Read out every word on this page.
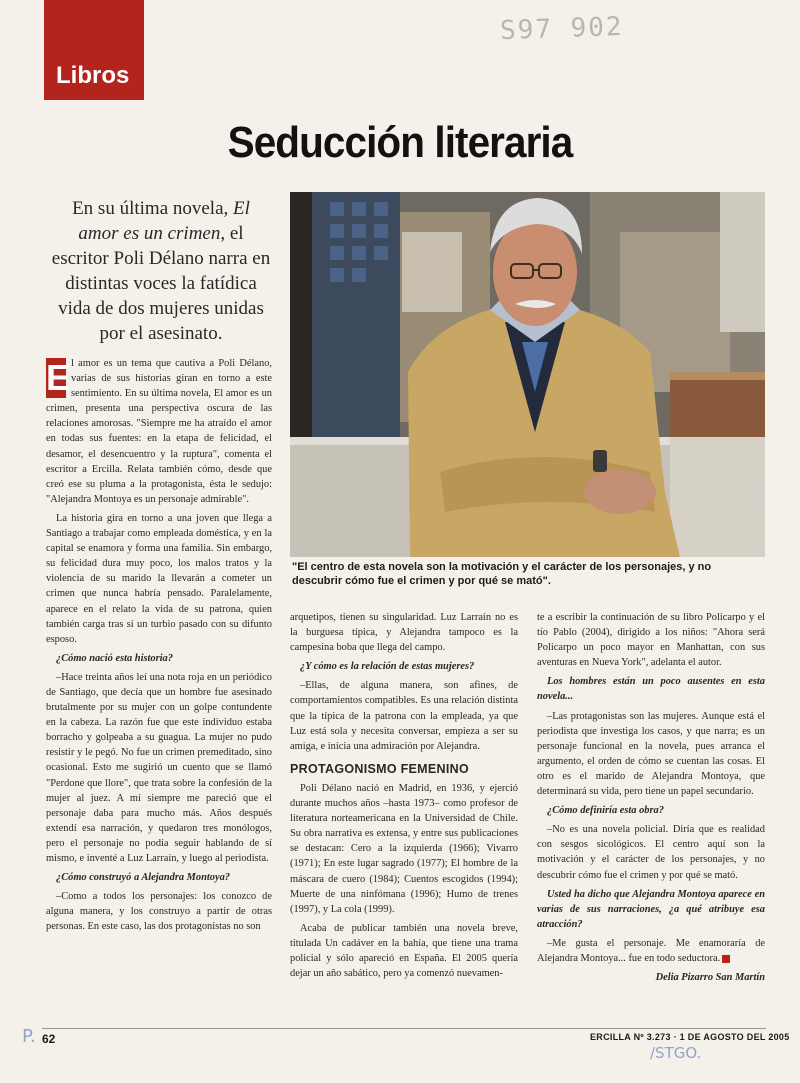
S97 902
Libros
Seducción literaria
En su última novela, El amor es un crimen, el escritor Poli Délano narra en distintas voces la fatídica vida de dos mujeres unidas por el asesinato.
Luis Órdenes
"El centro de esta novela son la motivación y el carácter de los personajes, y no descubrir cómo fue el crimen y por qué se mató".

E l amor es un tema que cautiva a Poli Délano, varias de sus historias giran en torno a este sentimiento. En su última novela, El amor es un crimen, presenta una perspectiva oscura de las relaciones amorosas. "Siempre me ha atraído el amor en todas sus fuentes: en la etapa de felicidad, el desamor, el desencuentro y la ruptura", comenta el escritor a Ercilla. Relata también cómo, desde que creó ese su pluma a la protagonista, ésta le sedujo: "Alejandra Montoya es un personaje admirable".

La historia gira en torno a una joven que llega a Santiago a trabajar como empleada doméstica, y en la capital se enamora y forma una familia. Sin embargo, su felicidad dura muy poco, los malos tratos y la violencia de su marido la llevarán a cometer un crimen que nunca habría pensado. Paralelamente, aparece en el relato la vida de su patrona, quien también carga tras sí un turbio pasado con su difunto esposo.

¿Cómo nació esta historia?

–Hace treinta años leí una nota roja en un periódico de Santiago, que decía que un hombre fue asesinado brutalmente por su mujer con un golpe contundente en la cabeza. La razón fue que este individuo estaba borracho y golpeaba a su guagua. La mujer no pudo resistir y le pegó. No fue un crimen premeditado, sino ocasional. Esto me sugirió un cuento que se llamó "Perdone que llore", que trata sobre la confesión de la mujer al juez. A mí siempre me pareció que el personaje daba para mucho más. Años después extendí esa narración, y quedaron tres monólogos, pero el personaje no podía seguir hablando de sí mismo, e inventé a Luz Larraín, y luego al periodista.

¿Cómo construyó a Alejandra Montoya?

–Como a todos los personajes: los conozco de alguna manera, y los construyo a partir de otras personas. En este caso, las dos protagonistas no son

arquetipos, tienen su singularidad. Luz Larraín no es la burguesa típica, y Alejandra tampoco es la campesina boba que llega del campo.

¿Y cómo es la relación de estas mujeres?

–Ellas, de alguna manera, son afines, de comportamientos compatibles. Es una relación distinta que la típica de la patrona con la empleada, ya que Luz está sola y necesita conversar, empieza a ser su amiga, e inicia una admiración por Alejandra.

PROTAGONISMO FEMENINO

Poli Délano nació en Madrid, en 1936, y ejerció durante muchos años –hasta 1973– como profesor de literatura norteamericana en la Universidad de Chile. Su obra narrativa es extensa, y entre sus publicaciones se destacan: Cero a la izquierda (1966); Vivarro (1971); En este lugar sagrado (1977); El hombre de la máscara de cuero (1984); Cuentos escogidos (1994); Muerte de una ninfómana (1996); Humo de trenes (1997), y La cola (1999).

Acaba de publicar también una novela breve, titulada Un cadáver en la bahía, que tiene una trama policial y sólo apareció en España. El 2005 quería dejar un año sabático, pero ya comenzó nuevamen-

te a escribir la continuación de su libro Policarpo y el tío Pablo (2004), dirigido a los niños: "Ahora será Policarpo un poco mayor en Manhattan, con sus aventuras en Nueva York", adelanta el autor.

Los hombres están un poco ausentes en esta novela...

–Las protagonistas son las mujeres. Aunque está el periodista que investiga los casos, y que narra; es un personaje funcional en la novela, pues arranca el argumento, el orden de cómo se cuentan las cosas. El otro es el marido de Alejandra Montoya, que determinará su vida, pero tiene un papel secundario.

¿Cómo definiría esta obra?

–No es una novela policial. Diría que es realidad con sesgos sicológicos. El centro aquí son la motivación y el carácter de los personajes, y no descubrir cómo fue el crimen y por qué se mató.

Usted ha dicho que Alejandra Montoya aparece en varias de sus narraciones, ¿a qué atribuye esa atracción?

–Me gusta el personaje. Me enamoraría de Alejandra Montoya... fue en todo seductora.

Delia Pizarro San Martín

P. 62	ERCILLA Nº 3.273 · 1 DE AGOSTO DEL 2005
/STGO.
